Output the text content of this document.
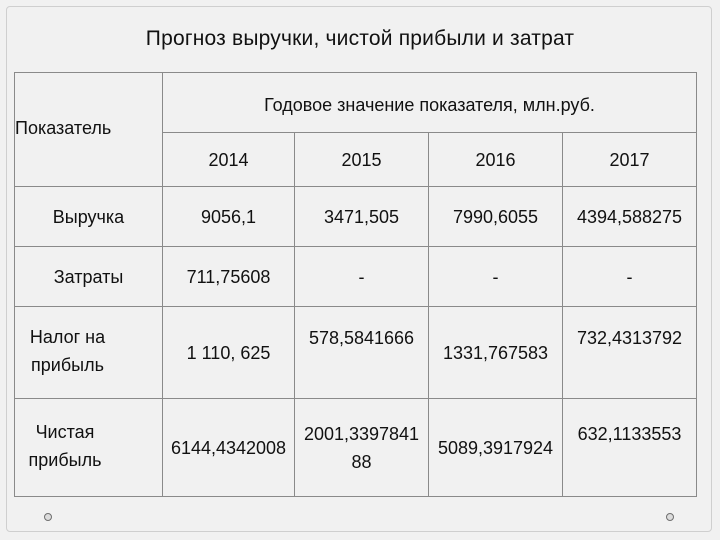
Прогноз выручки, чистой прибыли и затрат
Показатель	Годовое значение показателя, млн.руб.			
	2014	2015	2016	2017
Выручка	9056,1	3471,505	7990,6055	4394,588275
Затраты	711,75608	-	-	-

Налог на прибыль	1 110, 625	578,5841666	1331,767583	732,4313792

Чистая прибыль	6144,4342008	2001,339784188	5089,3917924	632,1133553
